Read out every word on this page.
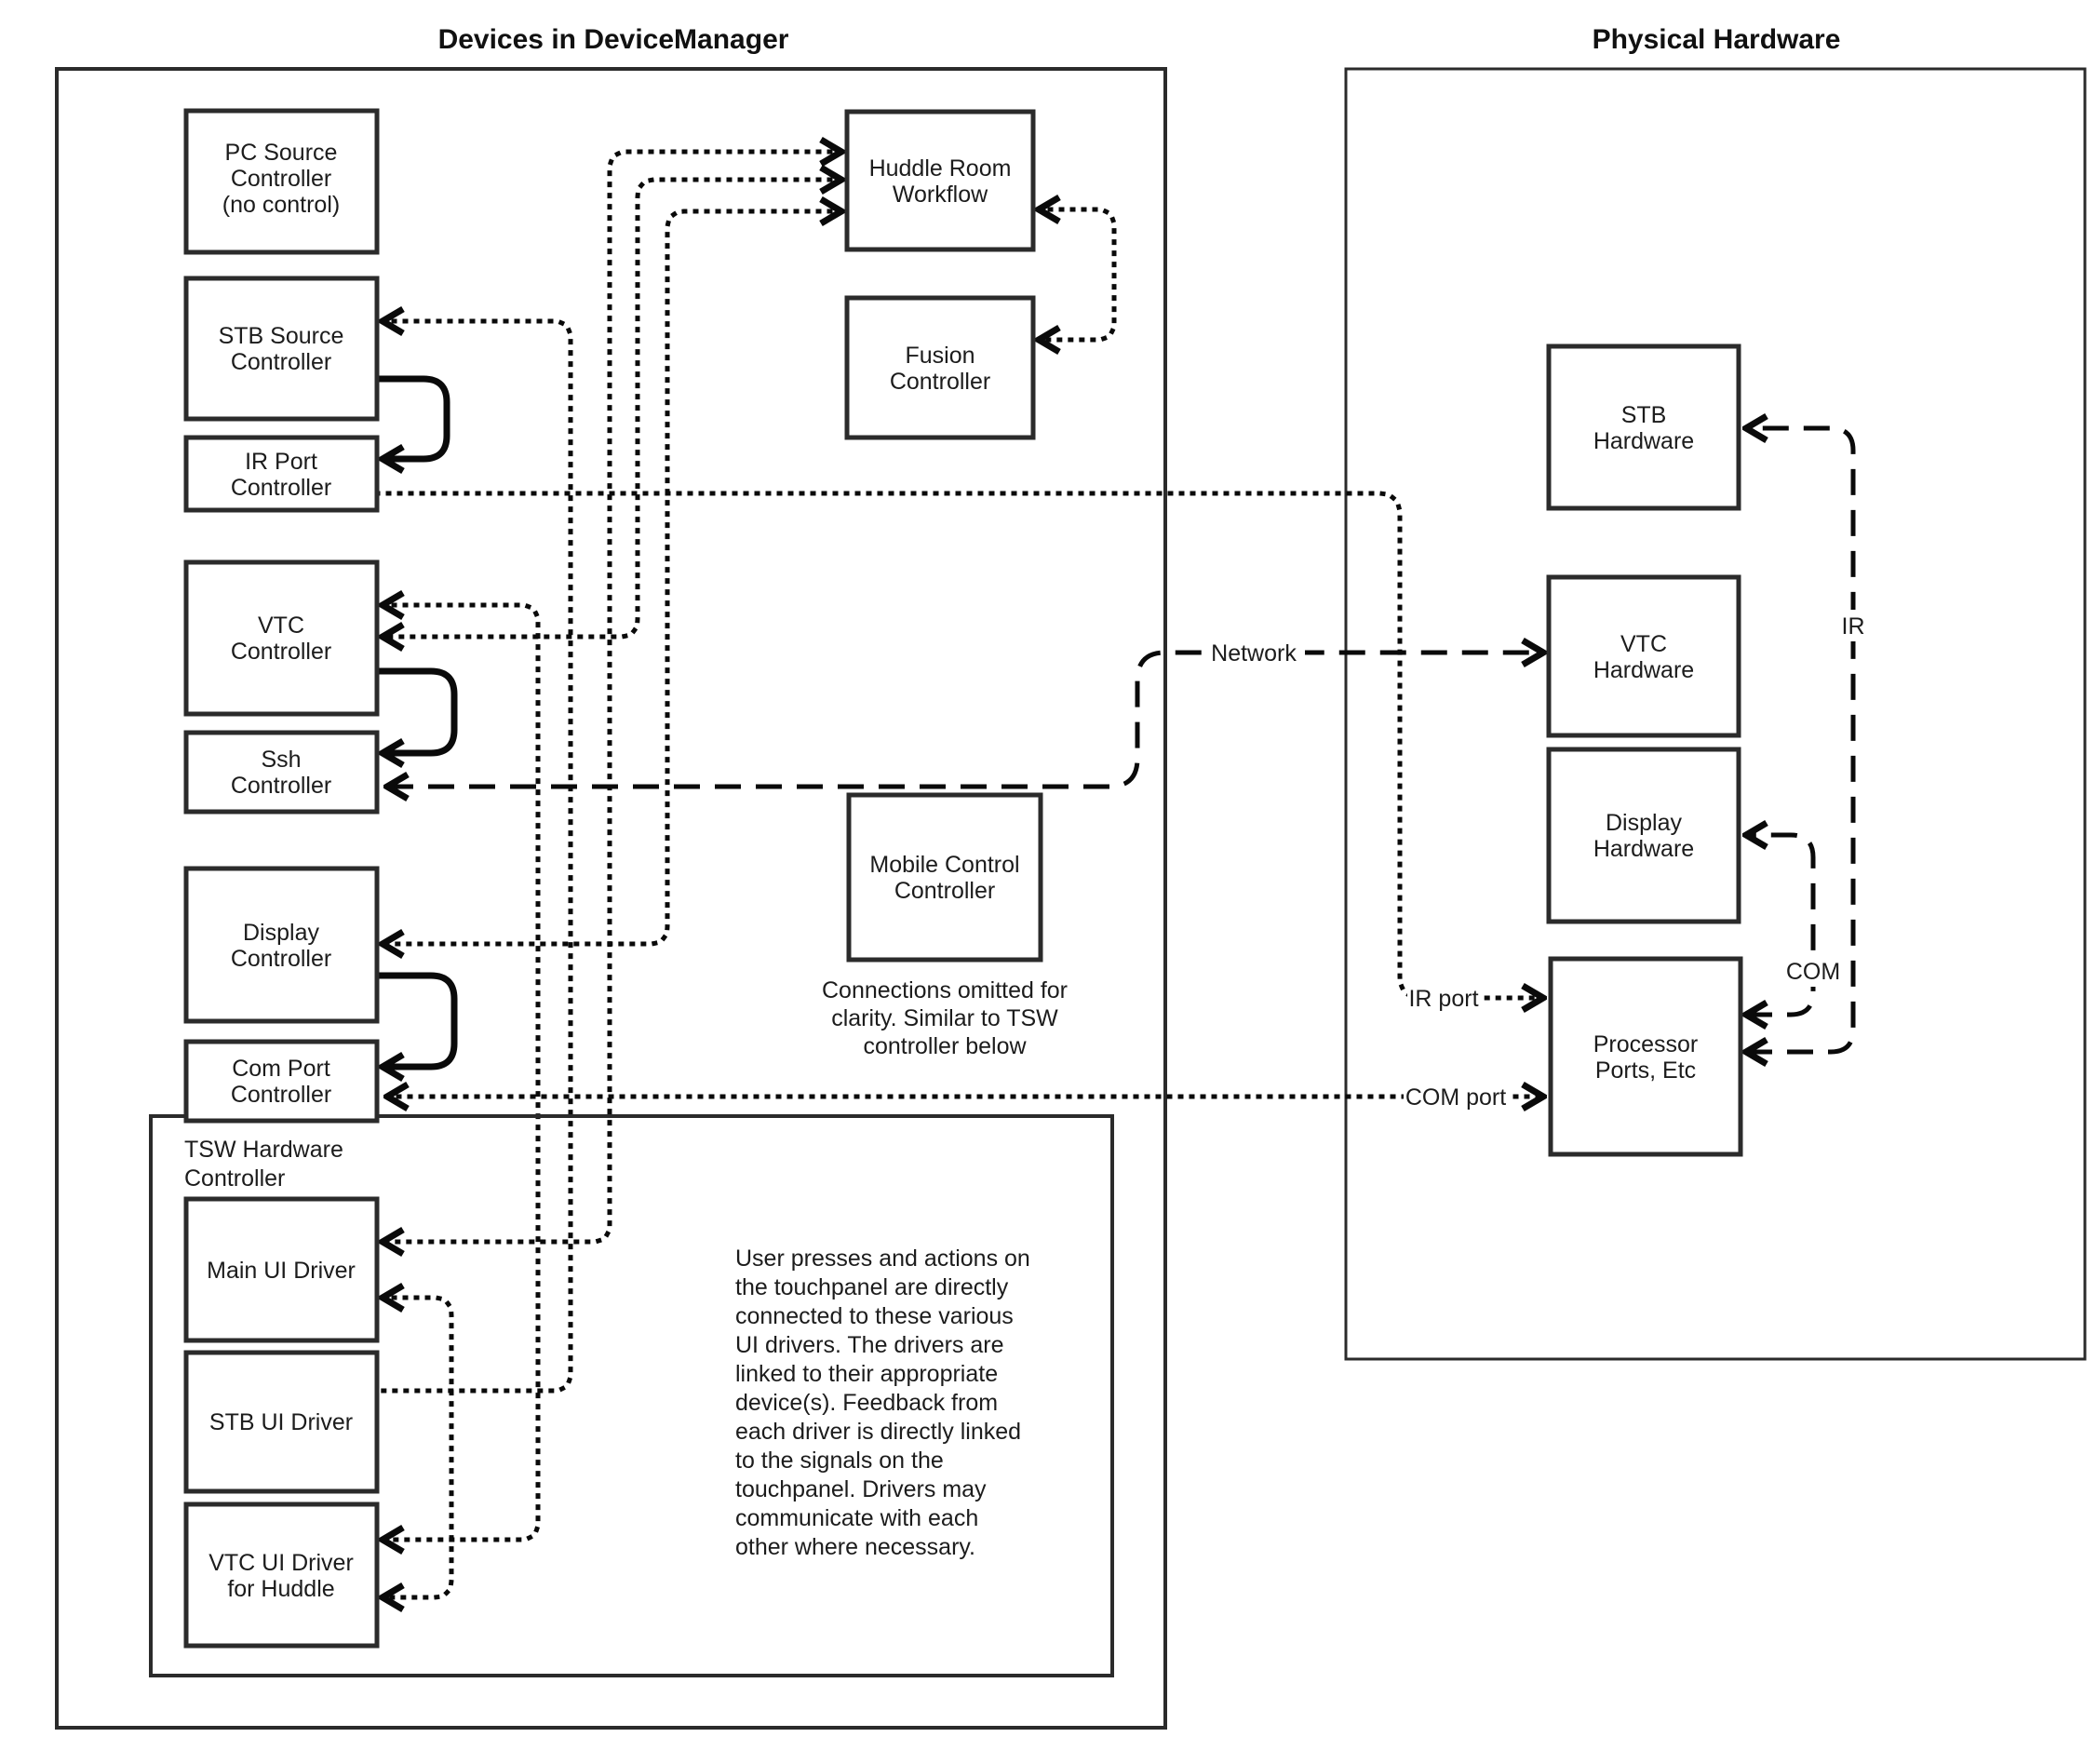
Devices in DeviceManager	Physical Hardware
TSW Hardware
Controller
PC Source
Controller
(no control)
STB Source
Controller
IR Port
Controller
VTC
Controller
Ssh
Controller
Display
Controller
Com Port
Controller
Huddle Room
Workflow
Fusion
Controller
Mobile Control
Controller
Connections omitted for
clarity. Similar to TSW
controller below
Main UI Driver
STB UI Driver
VTC UI Driver
for Huddle
User presses and actions on
the touchpanel are directly
connected to these various
UI drivers. The drivers are
linked to their appropriate
device(s). Feedback from
each driver is directly linked
to the signals on the
touchpanel. Drivers may
communicate with each
other where necessary.
STB
Hardware
VTC
Hardware
Display
Hardware
Processor
Ports, Etc
Network
IR
COM
IR port
COM port
